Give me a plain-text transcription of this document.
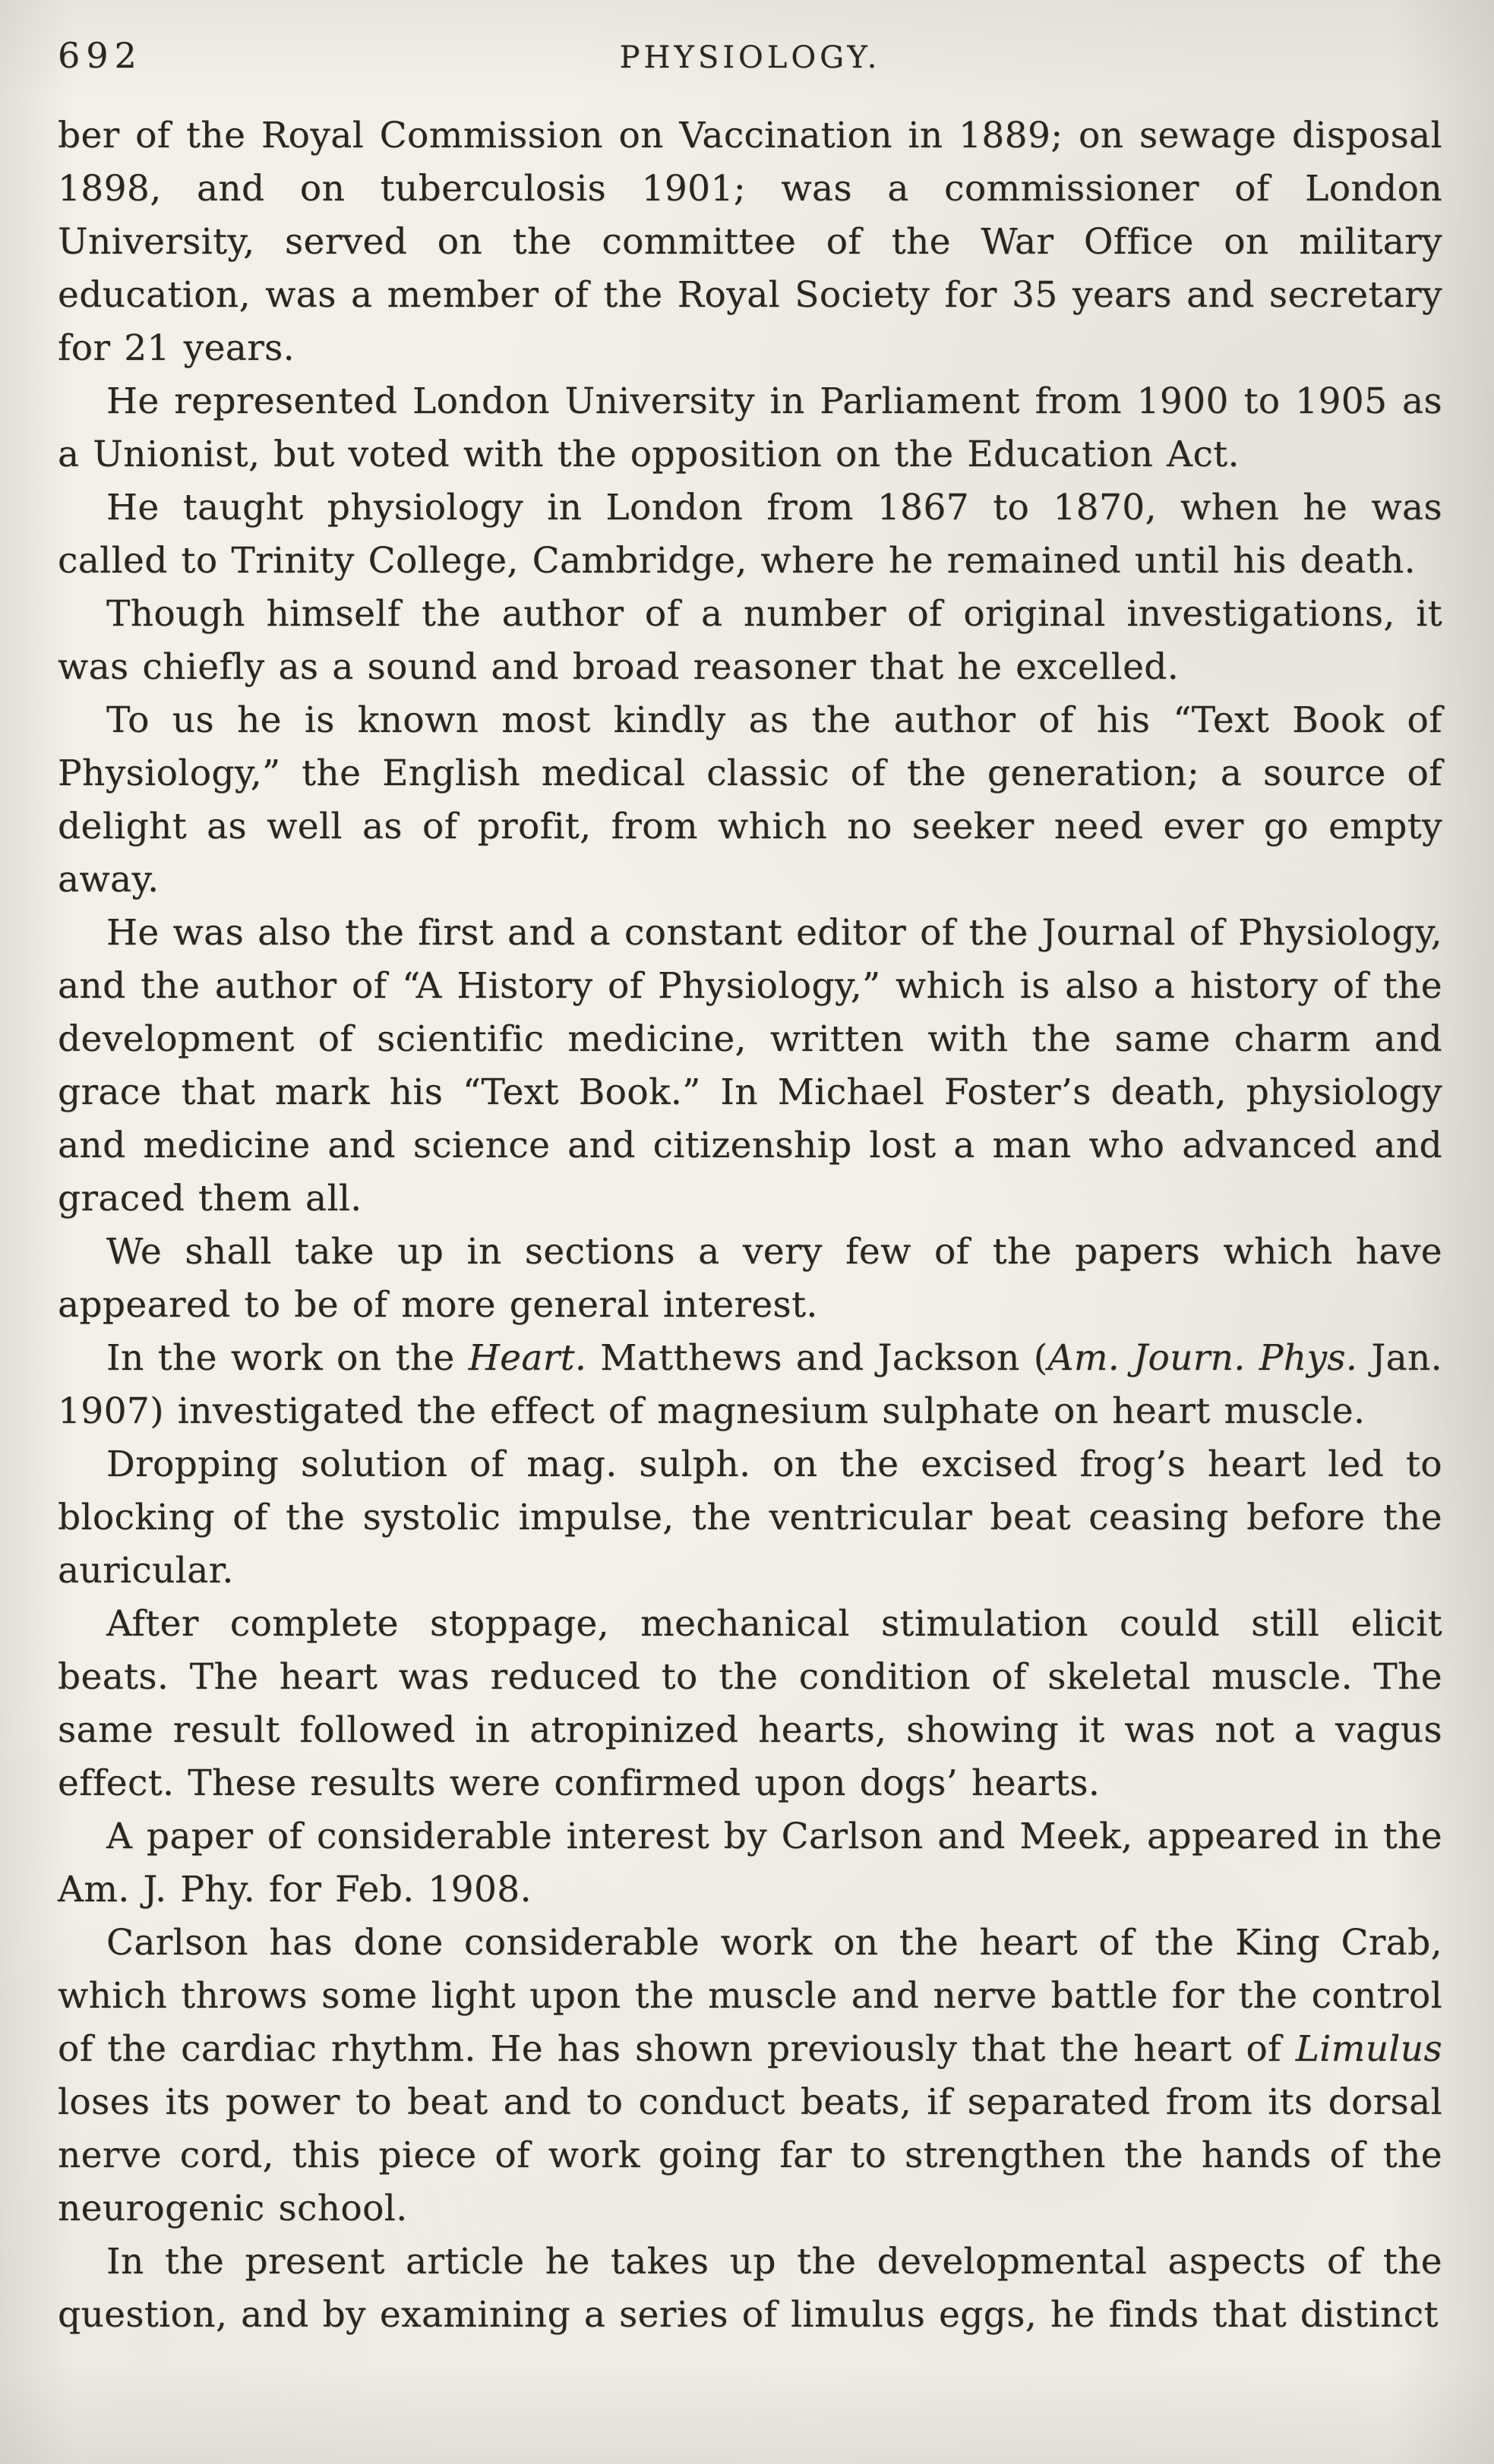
692	PHYSIOLOGY.

ber of the Royal Commission on Vaccination in 1889; on sewage disposal 1898, and on tuberculosis 1901; was a commissioner of London University, served on the committee of the War Office on military education, was a member of the Royal Society for 35 years and secretary for 21 years.

He represented London University in Parliament from 1900 to 1905 as a Unionist, but voted with the opposition on the Education Act.

He taught physiology in London from 1867 to 1870, when he was called to Trinity College, Cambridge, where he remained until his death.

Though himself the author of a number of original investigations, it was chiefly as a sound and broad reasoner that he excelled.

To us he is known most kindly as the author of his “Text Book of Physiology,” the English medical classic of the generation; a source of delight as well as of profit, from which no seeker need ever go empty away.

He was also the first and a constant editor of the Journal of Physiology, and the author of “A History of Physiology,” which is also a history of the development of scientific medicine, written with the same charm and grace that mark his “Text Book.” In Michael Foster’s death, physiology and medicine and science and citizenship lost a man who advanced and graced them all.

We shall take up in sections a very few of the papers which have appeared to be of more general interest.

In the work on the Heart. Matthews and Jackson (Am. Journ. Phys. Jan. 1907) investigated the effect of magnesium sulphate on heart muscle.

Dropping solution of mag. sulph. on the excised frog’s heart led to blocking of the systolic impulse, the ventricular beat ceasing before the auricular.

After complete stoppage, mechanical stimulation could still elicit beats. The heart was reduced to the condition of skeletal muscle. The same result followed in atropinized hearts, showing it was not a vagus effect. These results were confirmed upon dogs’ hearts.

A paper of considerable interest by Carlson and Meek, appeared in the Am. J. Phy. for Feb. 1908.

Carlson has done considerable work on the heart of the King Crab, which throws some light upon the muscle and nerve battle for the control of the cardiac rhythm. He has shown previously that the heart of Limulus loses its power to beat and to conduct beats, if separated from its dorsal nerve cord, this piece of work going far to strengthen the hands of the neurogenic school.

In the present article he takes up the developmental aspects of the question, and by examining a series of limulus eggs, he finds that distinct
